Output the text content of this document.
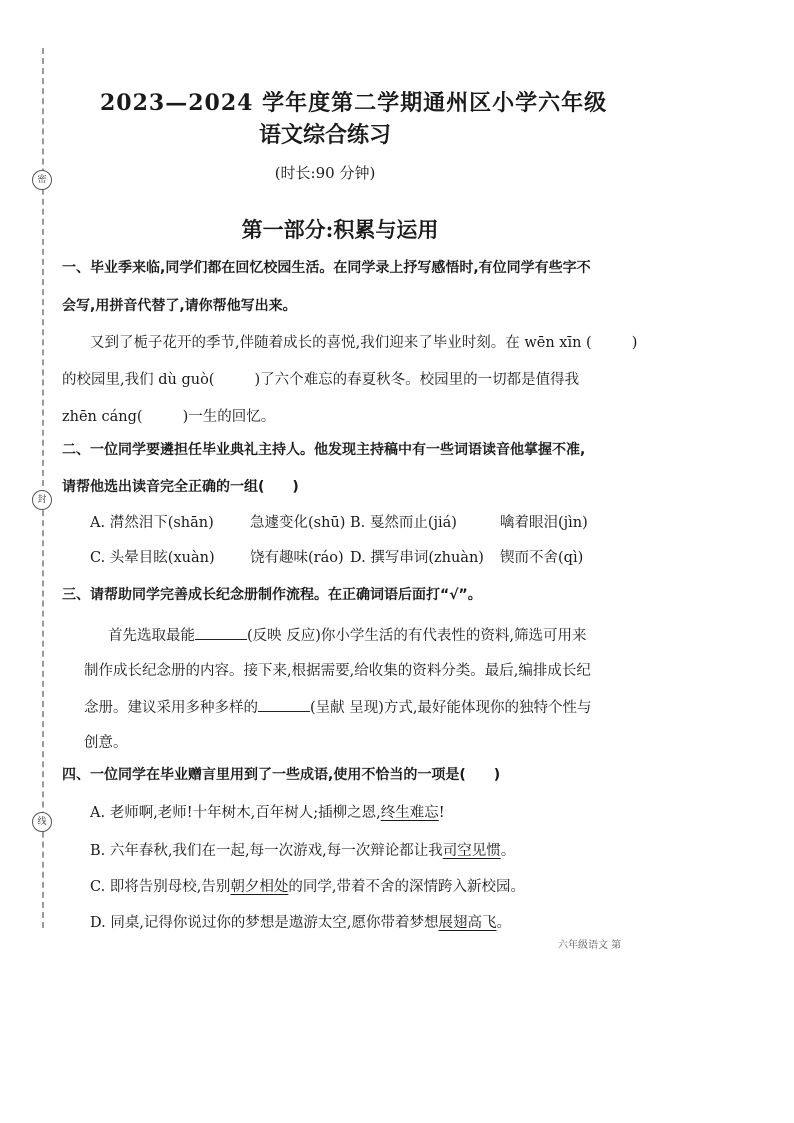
密
封
线
2023—2024 学年度第二学期通州区小学六年级
语文综合练习
(时长:90 分钟)
第一部分:积累与运用
一、毕业季来临,同学们都在回忆校园生活。在同学录上抒写感悟时,有位同学有些字不
会写,用拼音代替了,请你帮他写出来。
又到了栀子花开的季节,伴随着成长的喜悦,我们迎来了毕业时刻。在 wēn xīn (	)
的校园里,我们 dù guò(	)了六个难忘的春夏秋冬。校园里的一切都是值得我
zhēn cáng(	)一生的回忆。
二、一位同学要遴担任毕业典礼主持人。他发现主持稿中有一些词语读音他掌握不准,
请帮他选出读音完全正确的一组(　　)
A. 潸然泪下(shān) 急遽变化(shū) B. 戛然而止(jiá)	噙着眼泪(jìn)
C. 头晕目眩(xuàn) 饶有趣味(ráo) D. 撰写串词(zhuàn) 锲而不舍(qì)
三、请帮助同学完善成长纪念册制作流程。在正确词语后面打“√”。
首先选取最能	(反映 反应)你小学生活的有代表性的资料,筛选可用来
制作成长纪念册的内容。接下来,根据需要,给收集的资料分类。最后,编排成长纪
念册。建议采用多种多样的	(呈献 呈现)方式,最好能体现你的独特个性与
创意。
四、一位同学在毕业赠言里用到了一些成语,使用不恰当的一项是(　　)
A. 老师啊,老师!十年树木,百年树人;插柳之恩,终生难忘!
B. 六年春秋,我们在一起,每一次游戏,每一次辩论都让我司空见惯。
C. 即将告别母校,告别朝夕相处的同学,带着不舍的深情跨入新校园。
D. 同桌,记得你说过你的梦想是遨游太空,愿你带着梦想展翅高飞。
六年级语文 第
